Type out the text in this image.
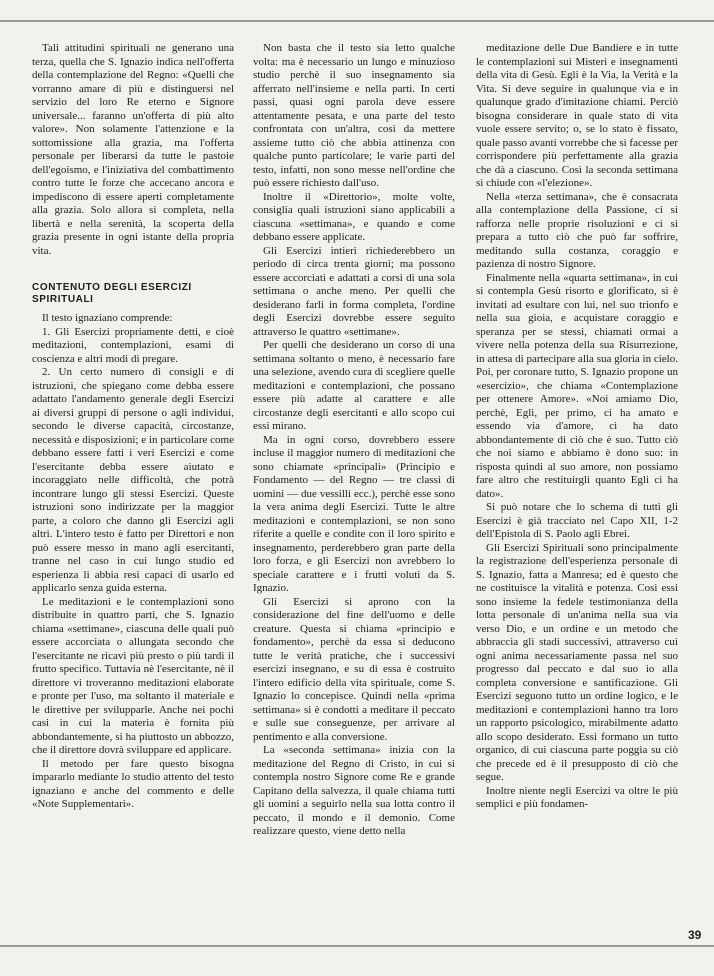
Tali attitudini spirituali ne generano una terza, quella che S. Ignazio indica nell'offerta della contemplazione del Regno: «Quelli che vorranno amare di più e distinguersi nel servizio del loro Re eterno e Signore universale... faranno un'offerta di più alto valore». Non solamente l'attenzione e la sottomissione alla grazia, ma l'offerta personale per liberarsi da tutte le pastoie dell'egoismo, e l'iniziativa del combattimento contro tutte le forze che accecano ancora e impediscono di essere aperti completamente alla grazia. Solo allora si completa, nella libertà e nella serenità, la scoperta della grazia presente in ogni istante della propria vita.

CONTENUTO DEGLI ESERCIZI
SPIRITUALI

Il testo ignaziano comprende:

1. Gli Esercizi propriamente detti, e cioè meditazioni, contemplazioni, esami di coscienza e altri modi di pregare.

2. Un certo numero di consigli e di istruzioni, che spiegano come debba essere adattato l'andamento generale degli Esercizi ai diversi gruppi di persone o agli individui, secondo le diverse capacità, circostanze, necessità e disposizioni; e in particolare come debbano essere fatti i veri Esercizi e come l'esercitante debba essere aiutato e incoraggiato nelle difficoltà, che potrà incontrare lungo gli stessi Esercizi. Queste istruzioni sono indirizzate per la maggior parte, a coloro che danno gli Esercizi agli altri. L'intero testo è fatto per Direttori e non può essere messo in mano agli esercitanti, tranne nel caso in cui lungo studio ed esperienza li abbia resi capaci di usarlo ed applicarlo senza guida esterna.

Le meditazioni e le contemplazioni sono distribuite in quattro parti, che S. Ignazio chiama «settimane», ciascuna delle quali può essere accorciata o allungata secondo che l'esercitante ne ricavi più presto o più tardi il frutto specifico. Tuttavia nè l'esercitante, nè il direttore vi troveranno meditazioni elaborate e pronte per l'uso, ma soltanto il materiale e le direttive per svilupparle. Anche nei pochi casi in cui la materia è fornita più abbondantemente, si ha piuttosto un abbozzo, che il direttore dovrà sviluppare ed applicare.

Il metodo per fare questo bisogna impararlo mediante lo studio attento del testo ignaziano e anche del commento e delle «Note Supplementari».

Non basta che il testo sia letto qualche volta: ma è necessario un lungo e minuzioso studio perchè il suo insegnamento sia afferrato nell'insieme e nella parti. In certi passi, quasi ogni parola deve essere attentamente pesata, e una parte del testo confrontata con un'altra, così da mettere assieme tutto ciò che abbia attinenza con qualche punto particolare; le varie parti del testo, infatti, non sono messe nell'ordine che può essere richiesto dall'uso.

Inoltre il «Direttorio», molte volte, consiglia quali istruzioni siano applicabili a ciascuna «settimana», e quando e come debbano essere applicate.

Gli Esercizi intieri richiederebbero un periodo di circa trenta giorni; ma possono essere accorciati e adattati a corsi di una sola settimana o anche meno. Per quelli che desiderano farli in forma completa, l'ordine degli Esercizi dovrebbe essere seguito attraverso le quattro «settimane».

Per quelli che desiderano un corso di una settimana soltanto o meno, è necessario fare una selezione, avendo cura di scegliere quelle meditazioni e contemplazioni, che possano essere più adatte al carattere e alle circostanze degli esercitanti e allo scopo cui essi mirano.

Ma in ogni corso, dovrebbero essere incluse il maggior numero di meditazioni che sono chiamate «principali» (Principio e Fondamento — del Regno — tre classi di uomini — due vessilli ecc.), perchè esse sono la vera anima degli Esercizi. Tutte le altre meditazioni e contemplazioni, se non sono riferite a quelle e condite con il loro spirito e insegnamento, perderebbero gran parte della loro forza, e gli Esercizi non avrebbero lo speciale carattere e i frutti voluti da S. Ignazio.

Gli Esercizi si aprono con la considerazione del fine dell'uomo e delle creature. Questa si chiama «principio e fondamento», perchè da essa si deducono tutte le verità pratiche, che i successivi esercizi insegnano, e su di essa è costruito l'intero edificio della vita spirituale, come S. Ignazio lo concepisce. Quindi nella «prima settimana» si è condotti a meditare il peccato e sulle sue conseguenze, per arrivare al pentimento e alla conversione.

La «seconda settimana» inizia con la meditazione del Regno di Cristo, in cui si contempla nostro Signore come Re e grande Capitano della salvezza, il quale chiama tutti gli uomini a seguirlo nella sua lotta contro il peccato, il mondo e il demonio. Come realizzare questo, viene detto nella

meditazione delle Due Bandiere e in tutte le contemplazioni sui Misteri e insegnamenti della vita di Gesù. Egli è la Via, la Verità e la Vita. Si deve seguire in qualunque via e in qualunque grado d'imitazione chiami. Perciò bisogna considerare in quale stato di vita vuole essere servito; o, se lo stato è fissato, quale passo avanti vorrebbe che si facesse per corrispondere più perfettamente alla grazia che dà a ciascuno. Così la seconda settimana si chiude con «l'elezione».

Nella «terza settimana», che è consacrata alla contemplazione della Passione, ci si rafforza nelle proprie risoluzioni e ci si prepara a tutto ciò che può far soffrire, meditando sulla costanza, coraggio e pazienza di nostro Signore.

Finalmente nella «quarta settimana», in cui si contempla Gesù risorto e glorificato, si è invitati ad esultare con lui, nel suo trionfo e nella sua gioia, e acquistare coraggio e speranza per se stessi, chiamati ormai a vivere nella potenza della sua Risurrezione, in attesa di partecipare alla sua gloria in cielo. Poi, per coronare tutto, S. Ignazio propone un «esercizio», che chiama «Contemplazione per ottenere Amore». «Noi amiamo Dio, perchè, Egli, per primo, ci ha amato e essendo via d'amore, ci ha dato abbondantemente di ciò che è suo. Tutto ciò che noi siamo e abbiamo è dono suo: in risposta quindi al suo amore, non possiamo fare altro che restituirgli quanto Egli ci ha dato».

Si può notare che lo schema di tutti gli Esercizi è già tracciato nel Capo XII, 1-2 dell'Epistola di S. Paolo agli Ebrei.

Gli Esercizi Spirituali sono principalmente la registrazione dell'esperienza personale di S. Ignazio, fatta a Manresa; ed è questo che ne costituisce la vitalità e potenza. Così essi sono insieme la fedele testimonianza della lotta personale di un'anima nella sua via verso Dio, e un ordine e un metodo che abbraccia gli stadi successivi, attraverso cui ogni anima necessariamente passa nel suo progresso dal peccato e dal suo io alla completa conversione e santificazione. Gli Esercizi seguono tutto un ordine logico, e le meditazioni e contemplazioni hanno tra loro un rapporto psicologico, mirabilmente adatto allo scopo desiderato. Essi formano un tutto organico, di cui ciascuna parte poggia su ciò che precede ed è il presupposto di ciò che segue.

Inoltre niente negli Esercizi va oltre le più semplici e più fondamen-

39
